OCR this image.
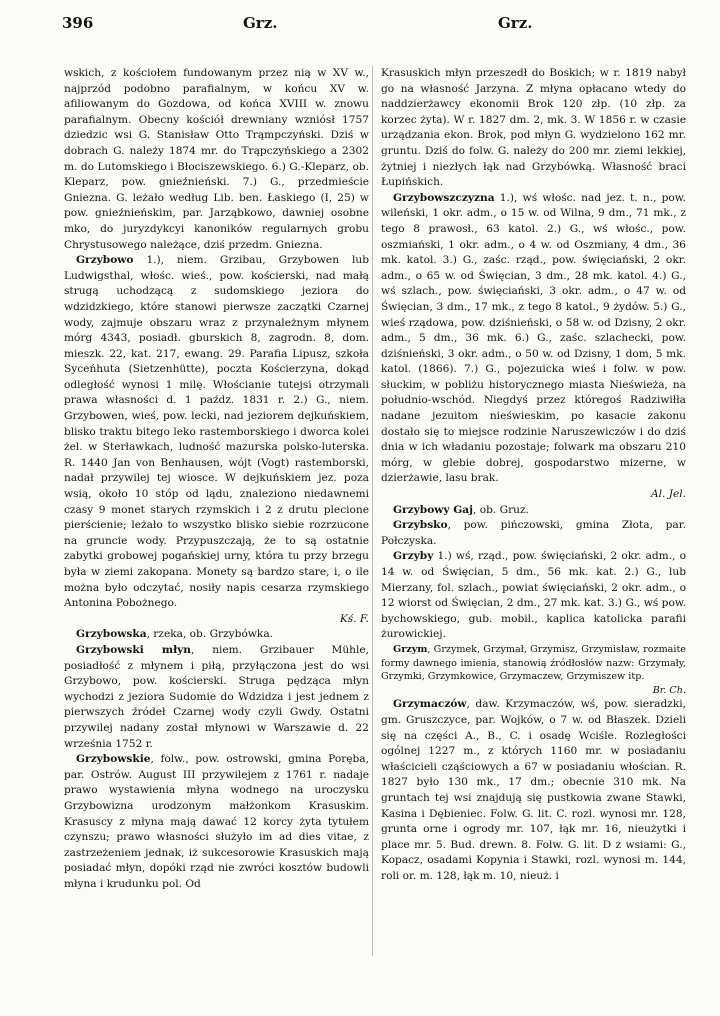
396	Grz.	Grz.

wskich, z kościołem fundowanym przez nią w XV w., najprzód podobno parafialnym, w końcu XV w. afiliowanym do Gozdowa, od końca XVIII w. znowu parafialnym. Obecny kościół drewniany wzniósł 1757 dziedzic wsi G. Stanisław Otto Trąmpczyński. Dziś w dobrach G. należy 1874 mr. do Trąpczyńskiego a 2302 m. do Lutomskiego i Błociszewskiego. 6.) G.-Kleparz, ob. Kleparz, pow. gnieźnieński. 7.) G., przedmieście Gniezna. G. leżało według Lib. ben. Łaskiego (I, 25) w pow. gnieźnieńskim, par. Jarząbkowo, dawniej osobne mko, do juryzdykcyi kanoników regularnych grobu Chrystusowego należące, dziś przedm. Gniezna.

Grzybowo 1.), niem. Grzibau, Grzybowen lub Ludwigsthal, włośc. wieś., pow. kościerski, nad małą strugą uchodzącą z sudomskiego jeziora do wdzidzkiego, które stanowi pierwsze zaczątki Czarnej wody, zajmuje obszaru wraz z przynależnym młynem mórg 4343, posiadł. gburskich 8, zagrodn. 8, dom. mieszk. 22, kat. 217, ewang. 29. Parafia Lipusz, szkoła Syceńhuta (Sietzenhütte), poczta Kościerzyna, dokąd odległość wynosi 1 milę. Włościanie tutejsi otrzymali prawa własności d. 1 paźdz. 1831 r. 2.) G., niem. Grzybowen, wieś, pow. lecki, nad jeziorem dejkuńskiem, blisko traktu bitego leko rastemborskiego i dworca kolei żel. w Sterławkach, ludność mazurska polsko-luterska. R. 1440 Jan von Benhausen, wójt (Vogt) rastemborski, nadał przywilej tej wiosce. W dejkuńskiem jez. poza wsią, około 10 stóp od lądu, znaleziono niedawnemi czasy 9 monet starych rzymskich i 2 z drutu plecione pierścienie; leżało to wszystko blisko siebie rozrzucone na gruncie wody. Przypuszczają, że to są ostatnie zabytki grobowej pogańskiej urny, która tu przy brzegu była w ziemi zakopana. Monety są bardzo stare, i, o ile można było odczytać, nosiły napis cesarza rzymskiego Antonina Pobożnego.
Kś. F.

Grzybowska, rzeka, ob. Grzybówka.

Grzybowski młyn, niem. Grzibauer Mühle, posiadłość z młynem i piłą, przyłączona jest do wsi Grzybowo, pow. kościerski. Struga pędząca młyn wychodzi z jeziora Sudomie do Wdzidza i jest jednem z pierwszych źródeł Czarnej wody czyli Gwdy. Ostatni przywilej nadany został młynowi w Warszawie d. 22 września 1752 r.

Grzybowskie, folw., pow. ostrowski, gmina Poręba, par. Ostrów. August III przywilejem z 1761 r. nadaje prawo wystawienia młyna wodnego na uroczysku Grzybowizna urodzonym małżonkom Krasuskim. Krasuscy z młyna mają dawać 12 korcy żyta tytułem czynszu; prawo własności służyło im ad dies vitae, z zastrzeżeniem jednak, iż sukcesorowie Krasuskich mają posiadać młyn, dopóki rząd nie zwróci kosztów budowli młyna i krudunku pol. Od

Krasuskich młyn przeszedł do Boskich; w r. 1819 nabył go na własność Jarzyna. Z młyna opłacano wtedy do naddzierżawcy ekonomii Brok 120 złp. (10 złp. za korzec żyta). W r. 1827 dm. 2, mk. 3. W 1856 r. w czasie urządzania ekon. Brok, pod młyn G. wydzielono 162 mr. gruntu. Dziś do folw. G. należy do 200 mr. ziemi lekkiej, żytniej i niezłych łąk nad Grzybówką. Własność braci Łupińskich.

Grzybowszczyzna 1.), wś włośc. nad jez. t. n., pow. wileński, 1 okr. adm., o 15 w. od Wilna, 9 dm., 71 mk., z tego 8 prawosł., 63 katol. 2.) G., wś włośc., pow. oszmiański, 1 okr. adm., o 4 w. od Oszmiany, 4 dm., 36 mk. katol. 3.) G., zaśc. rząd., pow. święciański, 2 okr. adm., o 65 w. od Święcian, 3 dm., 28 mk. katol. 4.) G., wś szlach., pow. święciański, 3 okr. adm., o 47 w. od Święcian, 3 dm., 17 mk., z tego 8 katol., 9 żydów. 5.) G., wieś rządowa, pow. dziśnieński, o 58 w. od Dzisny, 2 okr. adm., 5 dm., 36 mk. 6.) G., zaśc. szlachecki, pow. dziśnieński, 3 okr. adm., o 50 w. od Dzisny, 1 dom, 5 mk. katol. (1866). 7.) G., pojezuicka wieś i folw. w pow. słuckim, w pobliżu historycznego miasta Nieświeża, na południo-wschód. Niegdyś przez któregoś Radziwiłła nadane jezuitom nieświeskim, po kasacie zakonu dostało się to miejsce rodzinie Naruszewiczów i do dziś dnia w ich władaniu pozostaje; folwark ma obszaru 210 mórg, w glebie dobrej, gospodarstwo mizerne, w dzierżawie, lasu brak.
Al. Jel.

Grzybowy Gaj, ob. Gruz.

Grzybsko, pow. pińczowski, gmina Złota, par. Połczyska.

Grzyby 1.) wś, rząd., pow. święciański, 2 okr. adm., o 14 w. od Święcian, 5 dm., 56 mk. kat. 2.) G., lub Mierzany, fol. szlach., powiat święciański, 2 okr. adm., o 12 wiorst od Święcian, 2 dm., 27 mk. kat. 3.) G., wś pow. bychowskiego, gub. mobil., kaplica katolicka parafii żurowickiej.

Grzym, Grzymek, Grzymał, Grzymisz, Grzymisław, rozmaite formy dawnego imienia, stanowią źródłosłów nazw: Grzymały, Grzymki, Grzymkowice, Grzymaczew, Grzymiszew itp.
Br. Ch.

Grzymaczów, daw. Krzymaczów, wś, pow. sieradzki, gm. Gruszczyce, par. Wojków, o 7 w. od Błaszek. Dzieli się na części A., B., C. i osadę Wciśle. Rozległości ogólnej 1227 m., z których 1160 mr. w posiadaniu właścicieli cząściowych a 67 w posiadaniu włościan. R. 1827 było 130 mk., 17 dm.; obecnie 310 mk. Na gruntach tej wsi znajdują się pustkowia zwane Stawki, Kasina i Dębieniec. Folw. G. lit. C. rozl. wynosi mr. 128, grunta orne i ogrody mr. 107, łąk mr. 16, nieużytki i place mr. 5. Bud. drewn. 8. Folw. G. lit. D z wsiami: G., Kopacz, osadami Kopynia i Stawki, rozl. wynosi m. 144, roli or. m. 128, łąk m. 10, nieuż. i
